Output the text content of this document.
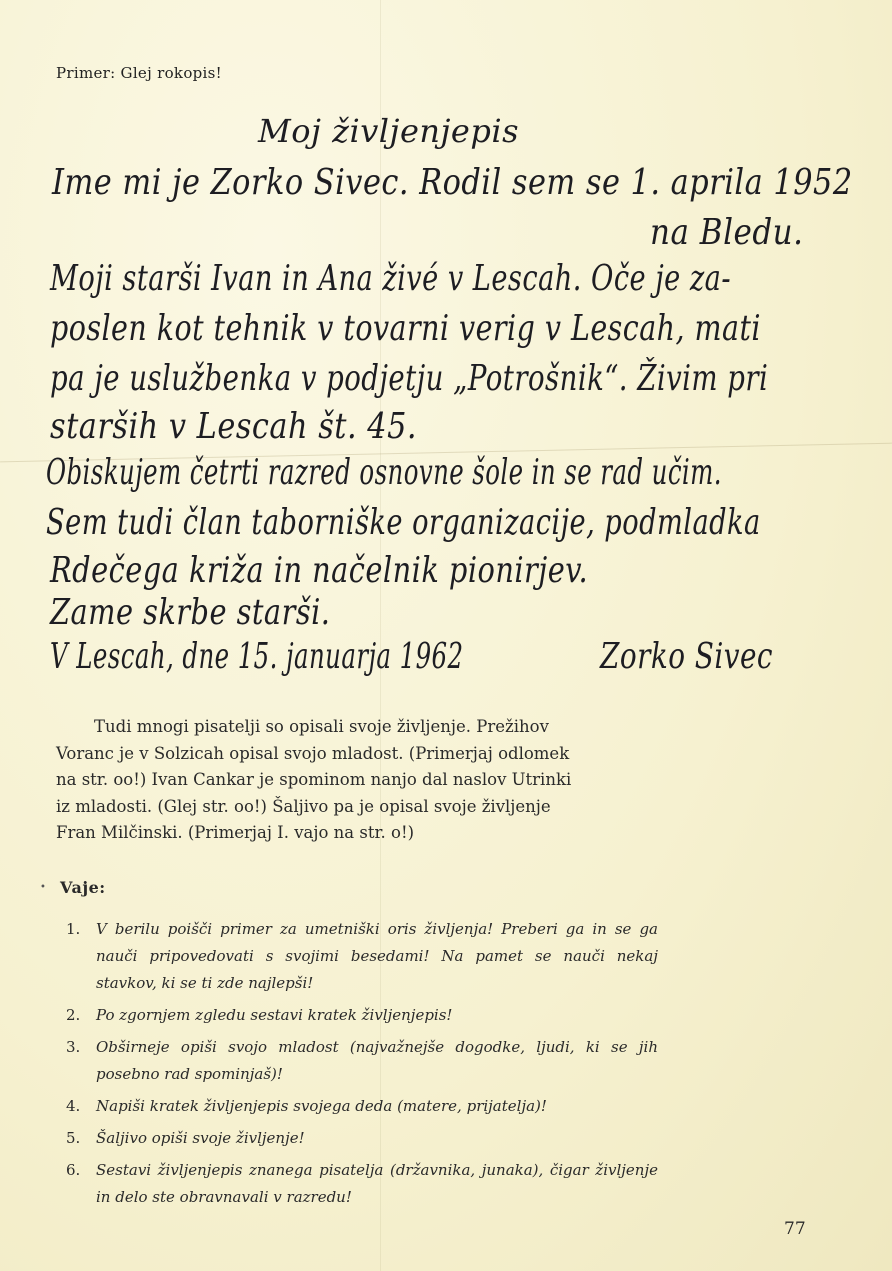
Primer: Glej rokopis!
Moj življenjepis
Ime mi je Zorko Sivec. Rodil sem se 1. aprila 1952
na Bledu.
Moji starši Ivan in Ana živé v Lescah. Oče je za-
poslen kot tehnik v tovarni verig v Lescah, mati
pa je uslužbenka v podjetju „Potrošnik“. Živim pri
starših v Lescah št. 45.
Obiskujem četrti razred osnovne šole in se rad učim.
Sem tudi član taborniške organizacije, podmladka
Rdečega križa in načelnik pionirjev.
Zame skrbe starši.
V Lescah, dne 15. januarja 1962	Zorko Sivec
Tudi mnogi pisatelji so opisali svoje življenje. Prežihov
Voranc je v Solzicah opisal svojo mladost. (Primerjaj odlomek
na str. oo!) Ivan Cankar je spominom nanjo dal naslov Utrinki
iz mladosti. (Glej str. oo!) Šaljivo pa je opisal svoje življenje
Fran Milčinski. (Primerjaj I. vajo na str. o!)
• Vaje:
1. V berilu poišči primer za umetniški oris življenja! Preberi ga in se ga nauči pripovedovati s svojimi besedami! Na pamet se nauči nekaj stavkov, ki se ti zde najlepši!
2. Po zgornjem zgledu sestavi kratek življenjepis!
3. Obširneje opiši svojo mladost (najvažnejše dogodke, ljudi, ki se jih posebno rad spominjaš)!
4. Napiši kratek življenjepis svojega deda (matere, prijatelja)!
5. Šaljivo opiši svoje življenje!
6. Sestavi življenjepis znanega pisatelja (državnika, junaka), čigar življenje in delo ste obravnavali v razredu!
77
